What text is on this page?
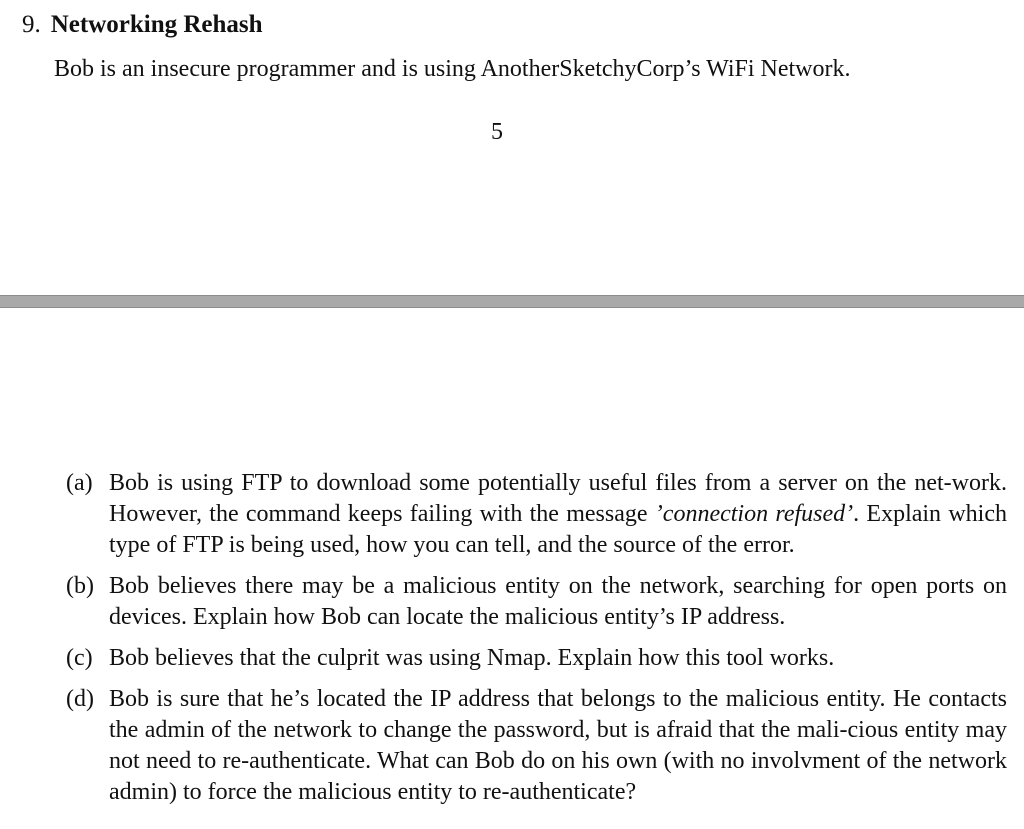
9. Networking Rehash
Bob is an insecure programmer and is using AnotherSketchyCorp’s WiFi Network.
5
(a) Bob is using FTP to download some potentially useful files from a server on the net-work. However, the command keeps failing with the message ’connection refused’. Explain which type of FTP is being used, how you can tell, and the source of the error.
(b) Bob believes there may be a malicious entity on the network, searching for open ports on devices. Explain how Bob can locate the malicious entity’s IP address.
(c) Bob believes that the culprit was using Nmap. Explain how this tool works.
(d) Bob is sure that he’s located the IP address that belongs to the malicious entity. He contacts the admin of the network to change the password, but is afraid that the mali-cious entity may not need to re-authenticate. What can Bob do on his own (with no involvment of the network admin) to force the malicious entity to re-authenticate?
